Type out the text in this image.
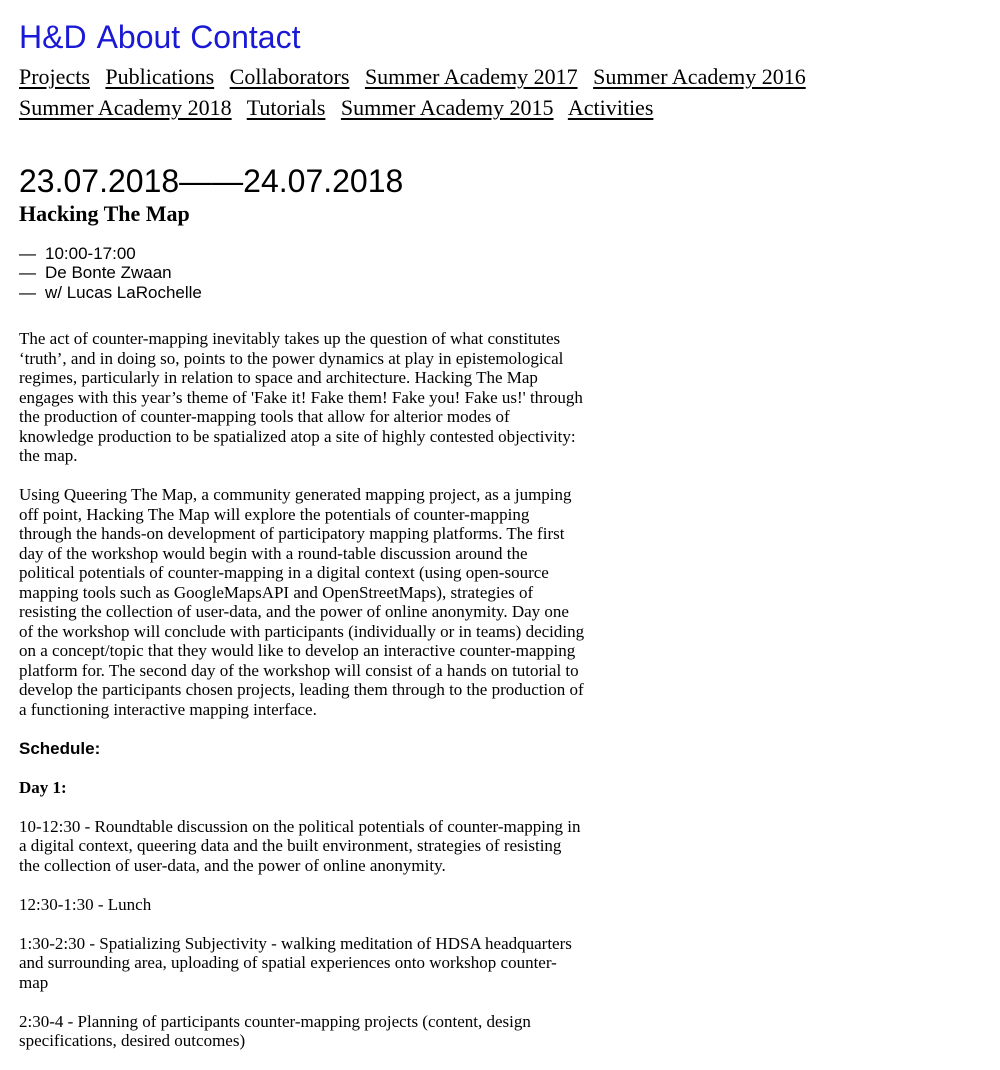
H&D About Contact
Projects Publications Collaborators Summer Academy 2017 Summer Academy 2016 Summer Academy 2018 Tutorials Summer Academy 2015 Activities
23.07.2018——24.07.2018
Hacking The Map
— 10:00-17:00
— De Bonte Zwaan
— w/ Lucas LaRochelle

The act of counter-mapping inevitably takes up the question of what constitutes ‘truth’, and in doing so, points to the power dynamics at play in epistemological regimes, particularly in relation to space and architecture. Hacking The Map engages with this year’s theme of 'Fake it! Fake them! Fake you! Fake us!' through the production of counter-mapping tools that allow for alterior modes of knowledge production to be spatialized atop a site of highly contested objectivity: the map.

Using Queering The Map, a community generated mapping project, as a jumping off point, Hacking The Map will explore the potentials of counter-mapping through the hands-on development of participatory mapping platforms. The first day of the workshop would begin with a round-table discussion around the political potentials of counter-mapping in a digital context (using open-source mapping tools such as GoogleMapsAPI and OpenStreetMaps), strategies of resisting the collection of user-data, and the power of online anonymity. Day one of the workshop will conclude with participants (individually or in teams) deciding on a concept/topic that they would like to develop an interactive counter-mapping platform for. The second day of the workshop will consist of a hands on tutorial to develop the participants chosen projects, leading them through to the production of a functioning interactive mapping interface.

Schedule:

Day 1:

10-12:30 - Roundtable discussion on the political potentials of counter-mapping in a digital context, queering data and the built environment, strategies of resisting the collection of user-data, and the power of online anonymity.

12:30-1:30 - Lunch

1:30-2:30 - Spatializing Subjectivity - walking meditation of HDSA headquarters and surrounding area, uploading of spatial experiences onto workshop counter-map

2:30-4 - Planning of participants counter-mapping projects (content, design specifications, desired outcomes)
